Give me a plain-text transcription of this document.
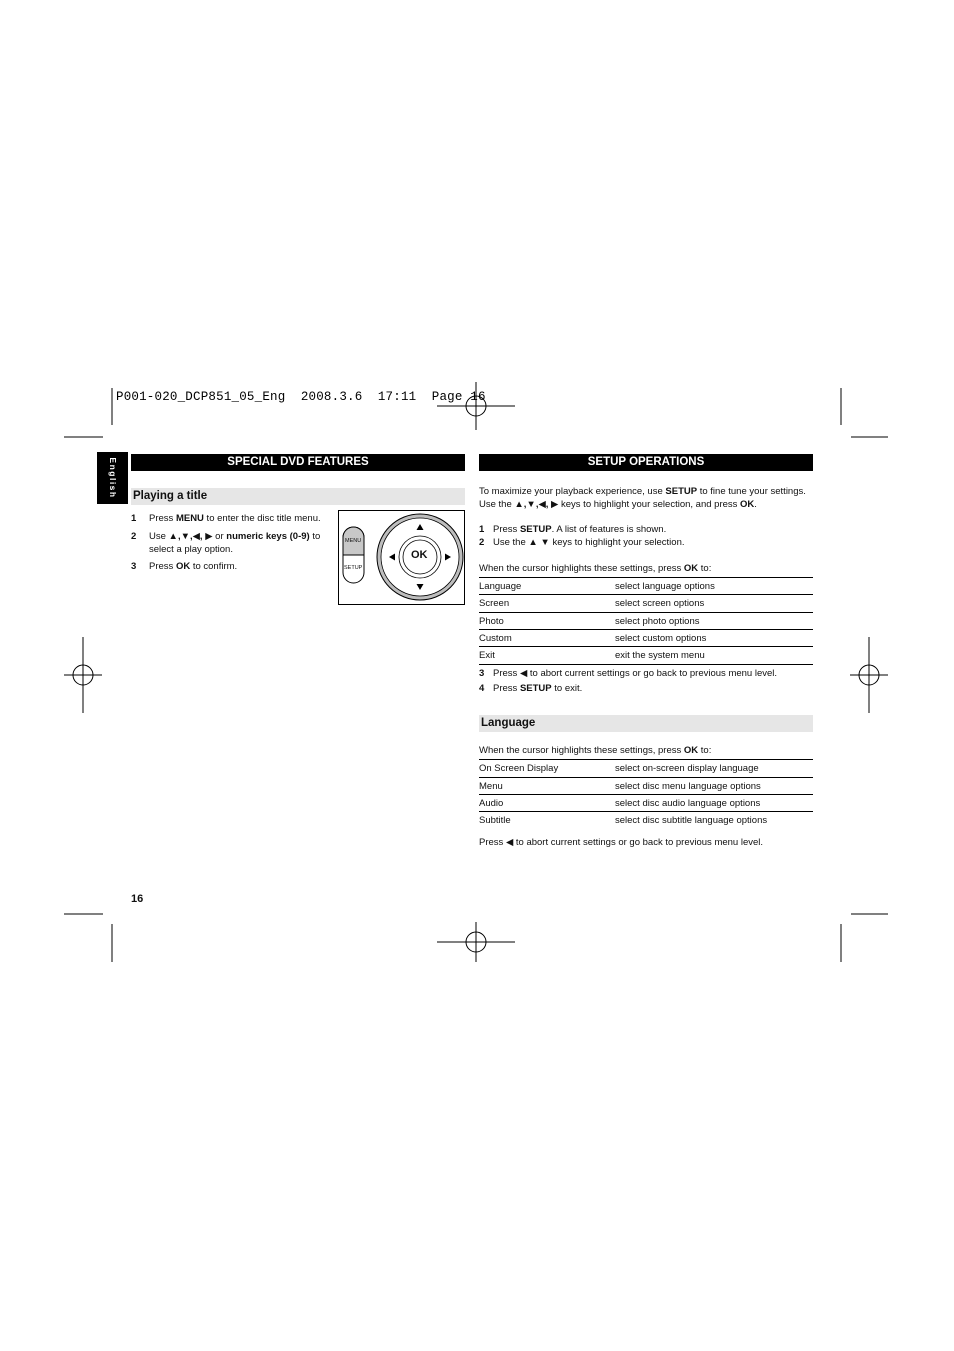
P001-020_DCP851_05_Eng  2008.3.6  17:11  Page 16
English	SPECIAL DVD FEATURES
Playing a title
1 Press MENU to enter the disc title menu.
2 Use ▲,▼,◀, ▶ or numeric keys (0-9) to
select a play option.
3 Press OK to confirm.
MENU
SETUP
OK
SETUP OPERATIONS
To maximize your playback experience, use SETUP to fine tune your settings.
Use the ▲,▼,◀, ▶ keys to highlight your selection, and press OK.
1 Press SETUP. A list of features is shown.
2 Use the ▲ ▼ keys to highlight your selection.
When the cursor highlights these settings, press OK to:
Language	select language options
Screen	select screen options
Photo	select photo options
Custom	select custom options
Exit	exit the system menu
3 Press ◀ to abort current settings or go back to previous menu level.
4 Press SETUP to exit.
Language
When the cursor highlights these settings, press OK to:
On Screen Display	select on-screen display language
Menu	select disc menu language options
Audio	select disc audio language options
Subtitle	select disc subtitle language options
Press ◀ to abort current settings or go back to previous menu level.
16
